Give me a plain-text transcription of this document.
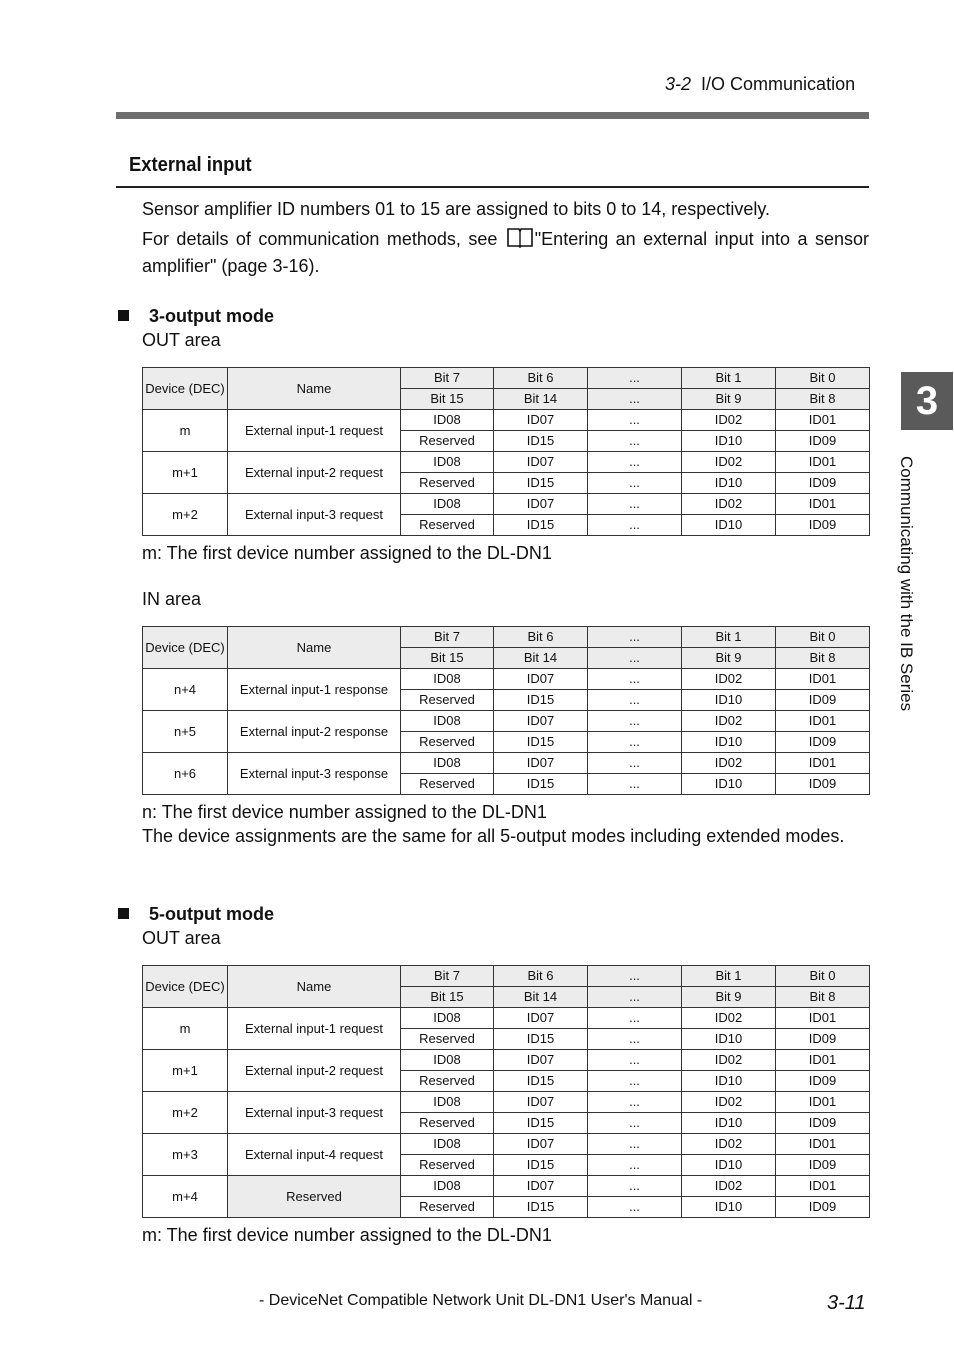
3-2 I/O Communication
External input
Sensor amplifier ID numbers 01 to 15 are assigned to bits 0 to 14, respectively.
For details of communication methods, see "Entering an external input into a sensor amplifier" (page 3-16).
3-output mode
OUT area
Device (DEC)	Name	Bit 7	Bit 6	...	Bit 1	Bit 0
		Bit 15	Bit 14	...	Bit 9	Bit 8
m	External input-1 request	ID08	ID07	...	ID02	ID01
		Reserved	ID15	...	ID10	ID09
m+1	External input-2 request	ID08	ID07	...	ID02	ID01
		Reserved	ID15	...	ID10	ID09
m+2	External input-3 request	ID08	ID07	...	ID02	ID01
		Reserved	ID15	...	ID10	ID09
m: The first device number assigned to the DL-DN1
IN area
Device (DEC)	Name	Bit 7	Bit 6	...	Bit 1	Bit 0
		Bit 15	Bit 14	...	Bit 9	Bit 8
n+4	External input-1 response	ID08	ID07	...	ID02	ID01
		Reserved	ID15	...	ID10	ID09
n+5	External input-2 response	ID08	ID07	...	ID02	ID01
		Reserved	ID15	...	ID10	ID09
n+6	External input-3 response	ID08	ID07	...	ID02	ID01
		Reserved	ID15	...	ID10	ID09
n: The first device number assigned to the DL-DN1
The device assignments are the same for all 5-output modes including extended modes.
5-output mode
OUT area
Device (DEC)	Name	Bit 7	Bit 6	...	Bit 1	Bit 0
		Bit 15	Bit 14	...	Bit 9	Bit 8
m	External input-1 request	ID08	ID07	...	ID02	ID01
		Reserved	ID15	...	ID10	ID09
m+1	External input-2 request	ID08	ID07	...	ID02	ID01
		Reserved	ID15	...	ID10	ID09
m+2	External input-3 request	ID08	ID07	...	ID02	ID01
		Reserved	ID15	...	ID10	ID09
m+3	External input-4 request	ID08	ID07	...	ID02	ID01
		Reserved	ID15	...	ID10	ID09
m+4	Reserved	ID08	ID07	...	ID02	ID01
		Reserved	ID15	...	ID10	ID09
m: The first device number assigned to the DL-DN1
3
Communicating with the IB Series
- DeviceNet Compatible Network Unit DL-DN1 User's Manual -	3-11
